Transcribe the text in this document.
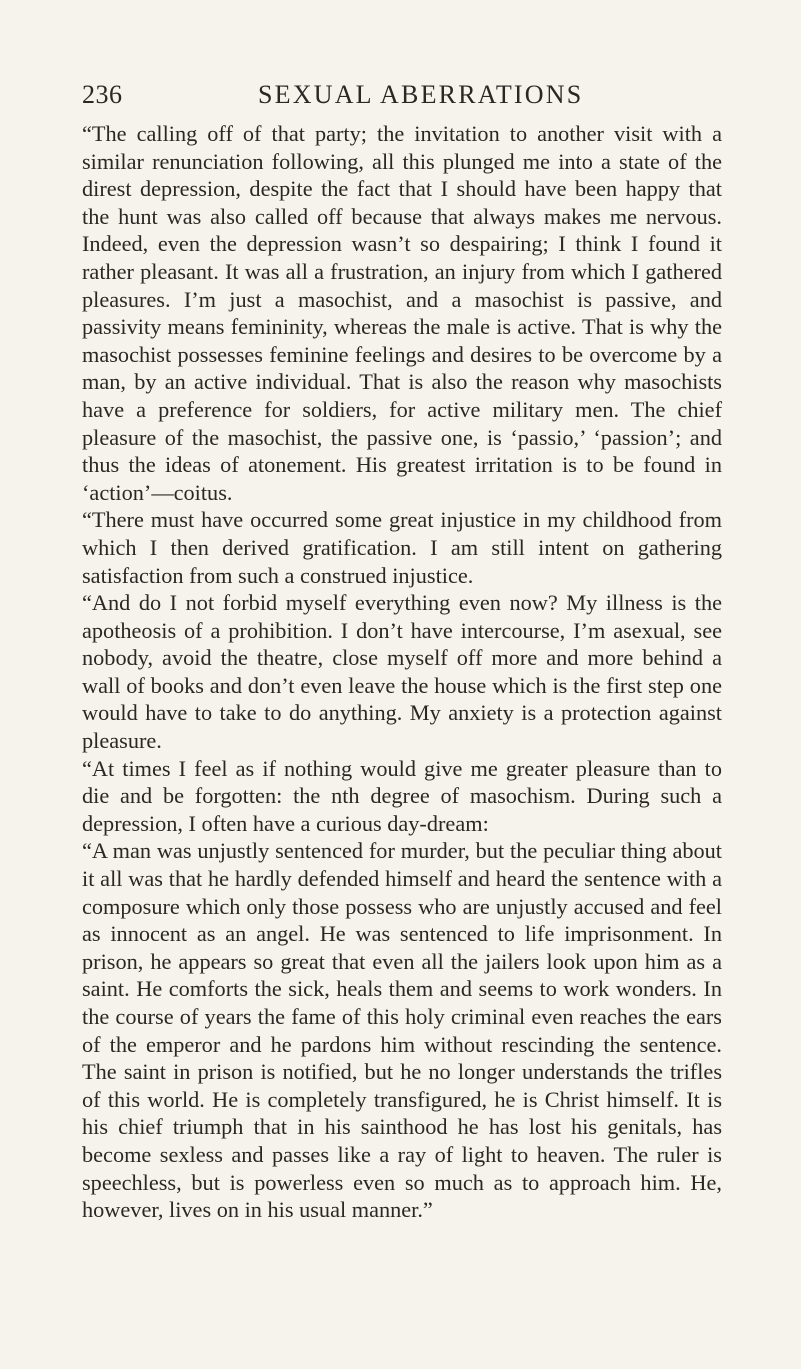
236	SEXUAL ABERRATIONS

“The calling off of that party; the invitation to another visit with a similar renunciation following, all this plunged me into a state of the direst depression, despite the fact that I should have been happy that the hunt was also called off because that always makes me nervous. Indeed, even the depression wasn’t so despairing; I think I found it rather pleasant. It was all a frustration, an injury from which I gathered pleasures. I’m just a masochist, and a masochist is passive, and passivity means femininity, whereas the male is active. That is why the masochist possesses feminine feelings and desires to be overcome by a man, by an active individual. That is also the reason why masochists have a preference for soldiers, for active military men. The chief pleasure of the masochist, the passive one, is ‘passio,’ ‘passion’; and thus the ideas of atonement. His greatest irritation is to be found in ‘action’—coitus.

“There must have occurred some great injustice in my childhood from which I then derived gratification. I am still intent on gathering satisfaction from such a construed injustice.

“And do I not forbid myself everything even now? My illness is the apotheosis of a prohibition. I don’t have intercourse, I’m asexual, see nobody, avoid the theatre, close myself off more and more behind a wall of books and don’t even leave the house which is the first step one would have to take to do anything. My anxiety is a protection against pleasure.

“At times I feel as if nothing would give me greater pleasure than to die and be forgotten: the nth degree of masochism. During such a depression, I often have a curious day-dream:

“A man was unjustly sentenced for murder, but the peculiar thing about it all was that he hardly defended himself and heard the sentence with a composure which only those possess who are unjustly accused and feel as innocent as an angel. He was sentenced to life imprisonment. In prison, he appears so great that even all the jailers look upon him as a saint. He comforts the sick, heals them and seems to work wonders. In the course of years the fame of this holy criminal even reaches the ears of the emperor and he pardons him without rescinding the sentence. The saint in prison is notified, but he no longer understands the trifles of this world. He is completely transfigured, he is Christ himself. It is his chief triumph that in his sainthood he has lost his genitals, has become sexless and passes like a ray of light to heaven. The ruler is speechless, but is powerless even so much as to approach him. He, however, lives on in his usual manner.”
